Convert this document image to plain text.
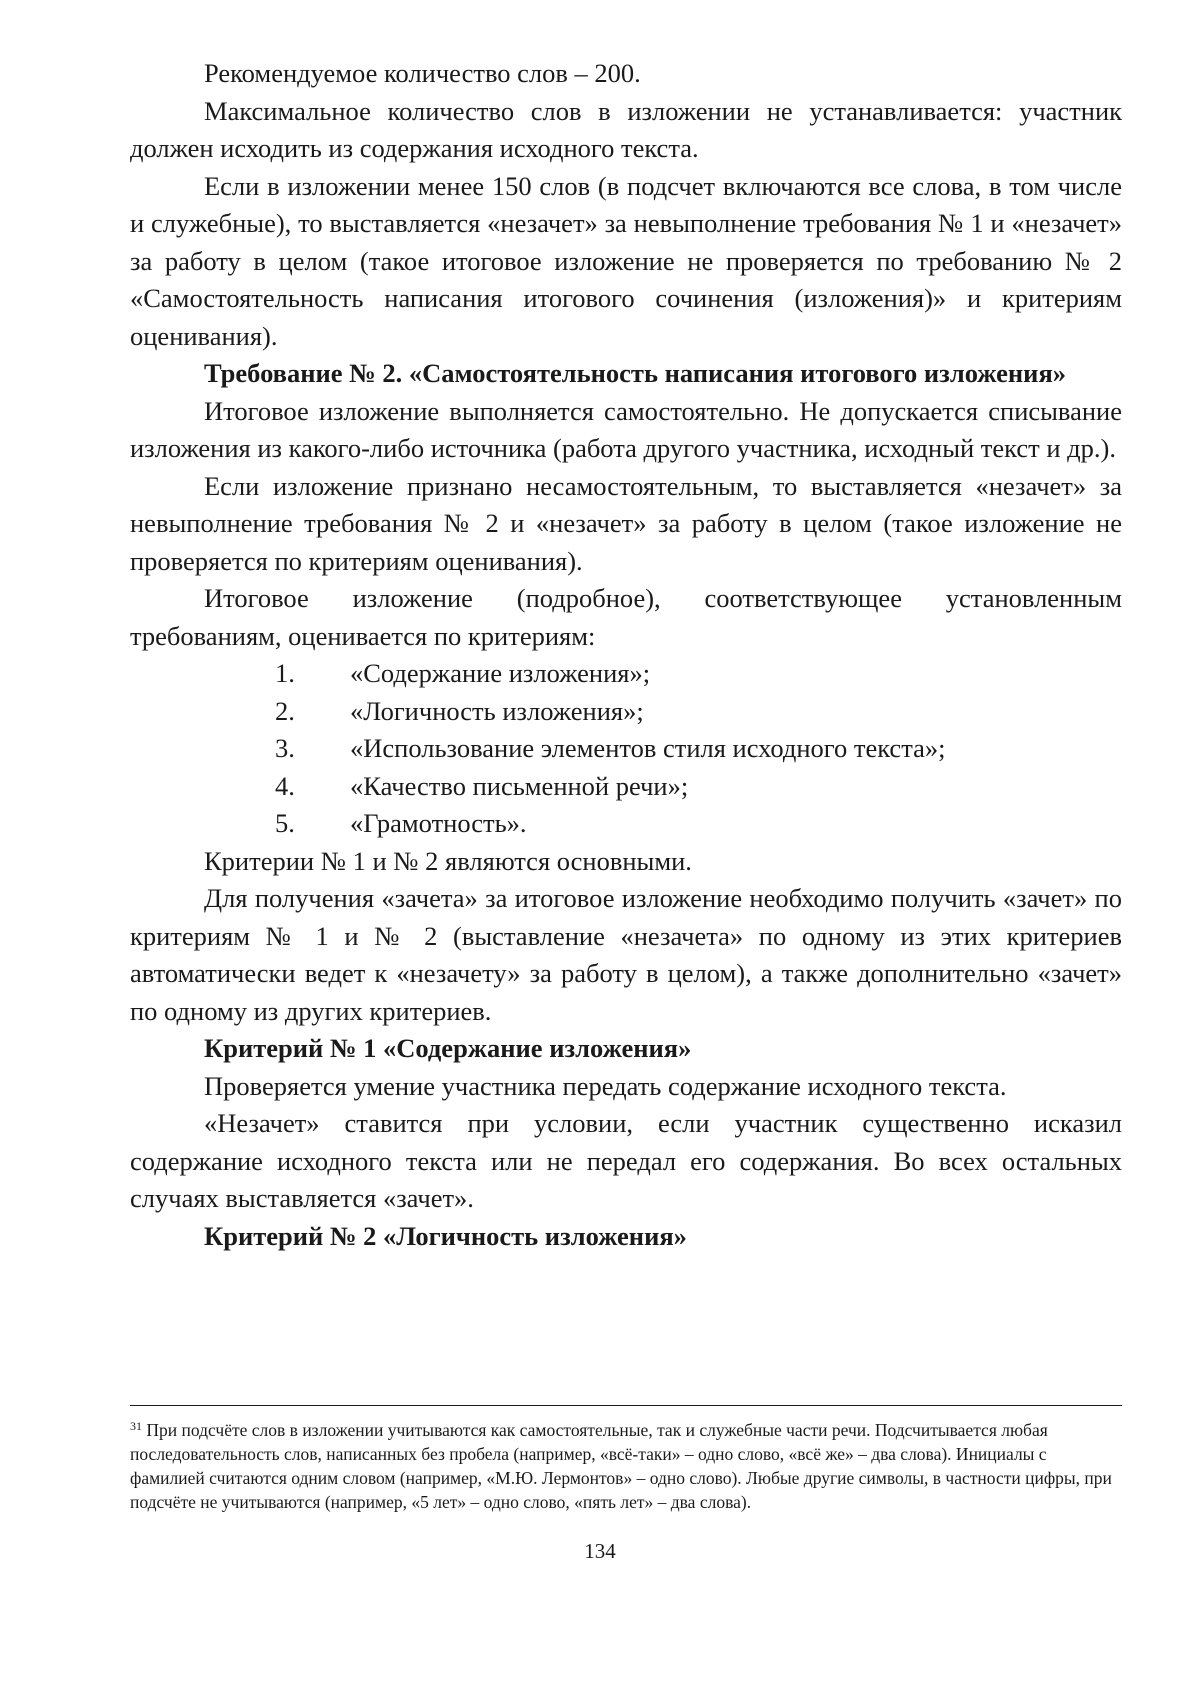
Рекомендуемое количество слов – 200.

Максимальное количество слов в изложении не устанавливается: участник должен исходить из содержания исходного текста.

Если в изложении менее 150 слов (в подсчет включаются все слова, в том числе и служебные), то выставляется «незачет» за невыполнение требования № 1 и «незачет» за работу в целом (такое итоговое изложение не проверяется по требованию № 2 «Самостоятельность написания итогового сочинения (изложения)» и критериям оценивания).

Требование № 2. «Самостоятельность написания итогового изложения»

Итоговое изложение выполняется самостоятельно. Не допускается списывание изложения из какого-либо источника (работа другого участника, исходный текст и др.).

Если изложение признано несамостоятельным, то выставляется «незачет» за невыполнение требования № 2 и «незачет» за работу в целом (такое изложение не проверяется по критериям оценивания).

Итоговое изложение (подробное), соответствующее установленным требованиям, оценивается по критериям:

1.	«Содержание изложения»;
2.	«Логичность изложения»;
3.	«Использование элементов стиля исходного текста»;
4.	«Качество письменной речи»;
5.	«Грамотность».

Критерии № 1 и № 2 являются основными.

Для получения «зачета» за итоговое изложение необходимо получить «зачет» по критериям № 1 и № 2 (выставление «незачета» по одному из этих критериев автоматически ведет к «незачету» за работу в целом), а также дополнительно «зачет» по одному из других критериев.

Критерий № 1 «Содержание изложения»

Проверяется умение участника передать содержание исходного текста.

«Незачет» ставится при условии, если участник существенно исказил содержание исходного текста или не передал его содержания. Во всех остальных случаях выставляется «зачет».

Критерий № 2 «Логичность изложения»

$^{31}$ При подсчёте слов в изложении учитываются как самостоятельные, так и служебные части речи. Подсчитывается любая последовательность слов, написанных без пробела (например, «всё-таки» – одно слово, «всё же» – два слова). Инициалы с фамилией считаются одним словом (например, «М.Ю. Лермонтов» – одно слово). Любые другие символы, в частности цифры, при подсчёте не учитываются (например, «5 лет» – одно слово, «пять лет» – два слова).

134
